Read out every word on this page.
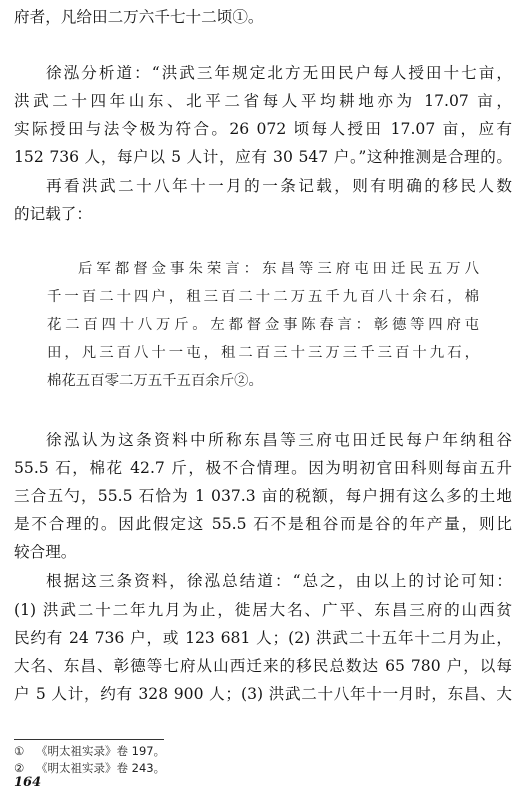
府者，凡给田二万六千七十二顷①。
徐泓分析道：“洪武三年规定北方无田民户每人授田十七亩，
洪武二十四年山东、北平二省每人平均耕地亦为 17.07 亩，
实际授田与法令极为符合。26 072 顷每人授田 17.07 亩，应有
152 736 人，每户以 5 人计，应有 30 547 户。”这种推测是合理的。
再看洪武二十八年十一月的一条记载，则有明确的移民人数
的记载了：
后军都督佥事朱荣言：东昌等三府屯田迁民五万八
千一百二十四户，租三百二十二万五千九百八十余石，棉
花二百四十八万斤。左都督佥事陈春言：彰德等四府屯
田，凡三百八十一屯，租二百三十三万三千三百十九石，
棉花五百零二万五千五百余斤②。
徐泓认为这条资料中所称东昌等三府屯田迁民每户年纳租谷
55.5 石，棉花 42.7 斤，极不合情理。因为明初官田科则每亩五升
三合五勺，55.5 石恰为 1 037.3 亩的税额，每户拥有这么多的土地
是不合理的。因此假定这 55.5 石不是租谷而是谷的年产量，则比
较合理。
根据这三条资料，徐泓总结道：“总之，由以上的讨论可知：
(1) 洪武二十二年九月为止，徙居大名、广平、东昌三府的山西贫
民约有 24 736 户，或 123 681 人；(2) 洪武二十五年十二月为止，
大名、东昌、彰德等七府从山西迁来的移民总数达 65 780 户，以每
户 5 人计，约有 328 900 人；(3) 洪武二十八年十一月时，东昌、大
① 《明太祖实录》卷 197。
② 《明太祖实录》卷 243。
164
